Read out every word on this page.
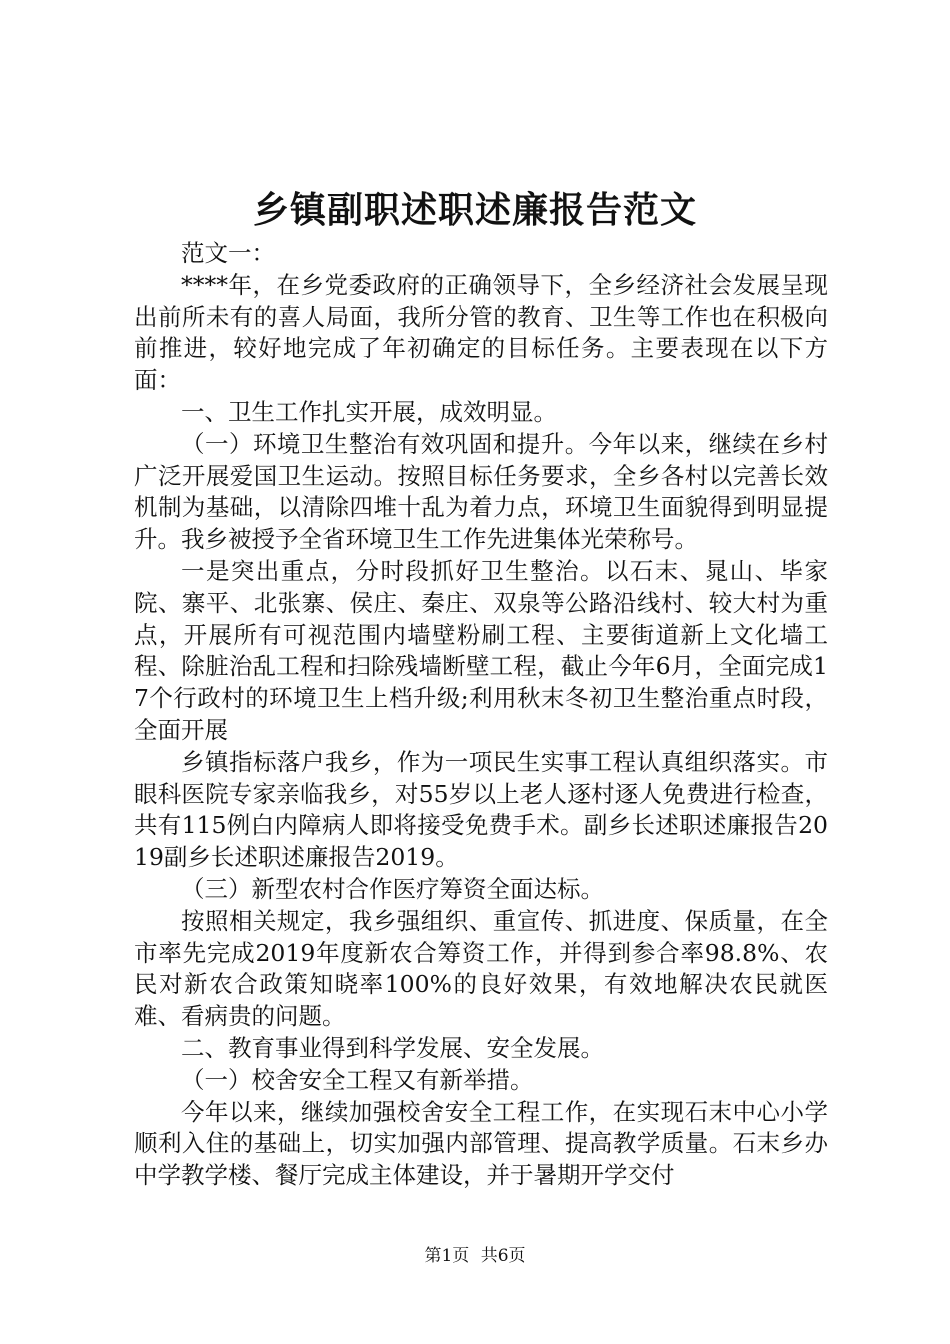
乡镇副职述职述廉报告范文

范文一：

****年，在乡党委政府的正确领导下，全乡经济社会发展呈现出前所未有的喜人局面，我所分管的教育、卫生等工作也在积极向前推进，较好地完成了年初确定的目标任务。主要表现在以下方面：

一、卫生工作扎实开展，成效明显。

（一）环境卫生整治有效巩固和提升。今年以来，继续在乡村广泛开展爱国卫生运动。按照目标任务要求，全乡各村以完善长效机制为基础，以清除四堆十乱为着力点，环境卫生面貌得到明显提升。我乡被授予全省环境卫生工作先进集体光荣称号。

一是突出重点，分时段抓好卫生整治。以石末、晁山、毕家院、寨平、北张寨、侯庄、秦庄、双泉等公路沿线村、较大村为重点，开展所有可视范围内墙壁粉刷工程、主要街道新上文化墙工程、除脏治乱工程和扫除残墙断壁工程，截止今年6月，全面完成17个行政村的环境卫生上档升级;利用秋末冬初卫生整治重点时段，全面开展

乡镇指标落户我乡，作为一项民生实事工程认真组织落实。市眼科医院专家亲临我乡，对55岁以上老人逐村逐人免费进行检查，共有115例白内障病人即将接受免费手术。副乡长述职述廉报告2019副乡长述职述廉报告2019。

（三）新型农村合作医疗筹资全面达标。

按照相关规定，我乡强组织、重宣传、抓进度、保质量，在全市率先完成2019年度新农合筹资工作，并得到参合率98.8%、农民对新农合政策知晓率100%的良好效果，有效地解决农民就医难、看病贵的问题。

二、教育事业得到科学发展、安全发展。

（一）校舍安全工程又有新举措。

今年以来，继续加强校舍安全工程工作，在实现石末中心小学顺利入住的基础上，切实加强内部管理、提高教学质量。石末乡办中学教学楼、餐厅完成主体建设，并于暑期开学交付

第1页 共6页
